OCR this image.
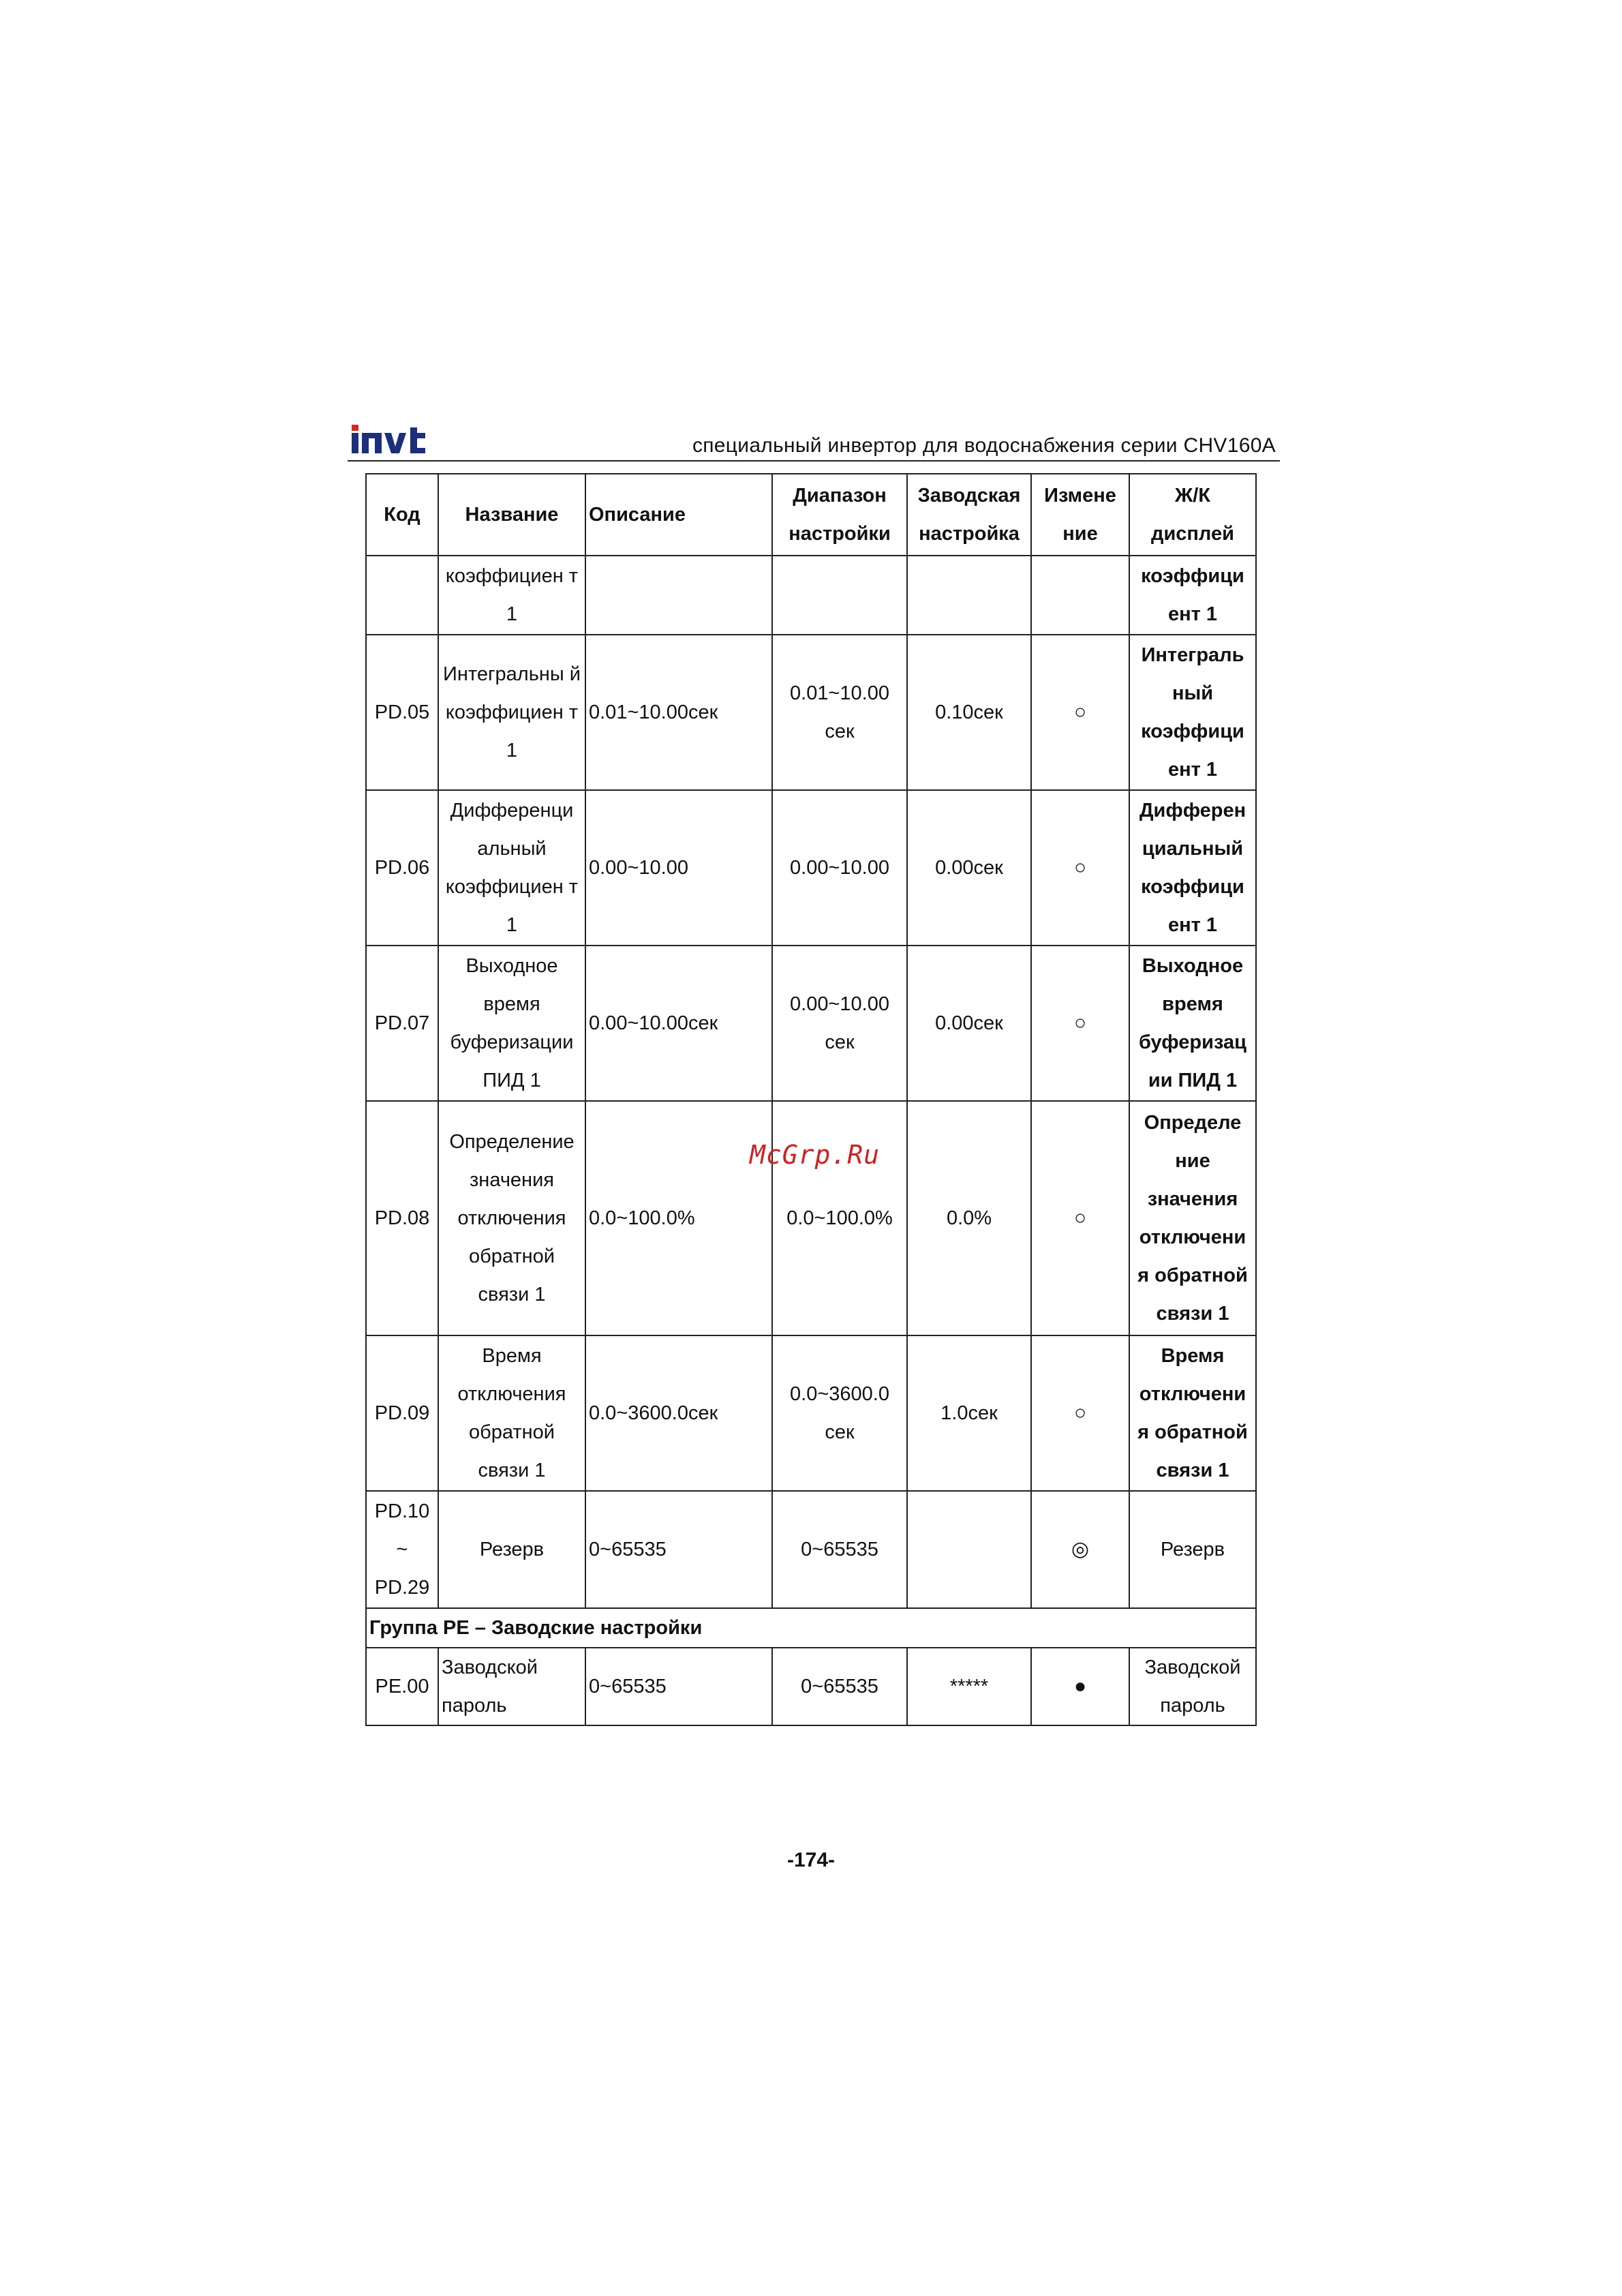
специальный инвертор для водоснабжения серии CHV160A
Код	Название	Описание	Диапазон настройки	Заводская настройка	Измене ние	Ж/К дисплей
	коэффициен т 1					коэффици ент 1
PD.05	Интегральны й коэффициен т 1	0.01~10.00сек	0.01~10.00 сек	0.10сек	○	Интеграль ный коэффици ент 1
PD.06	Дифференци альный коэффициен т 1	0.00~10.00	0.00~10.00	0.00сек	○	Дифферен циальный коэффици ент 1
PD.07	Выходное время буферизации ПИД 1	0.00~10.00сек	0.00~10.00 сек	0.00сек	○	Выходное время буферизац ии ПИД 1
PD.08	Определение значения отключения обратной связи 1	0.0~100.0%	0.0~100.0%	0.0%	○	Определе ние значения отключени я обратной связи 1
PD.09	Время отключения обратной связи 1	0.0~3600.0сек	0.0~3600.0 сек	1.0сек	○	Время отключени я обратной связи 1
PD.10 ~ PD.29	Резерв	0~65535	0~65535		◎	Резерв
Группа PE – Заводские настройки						
PE.00	Заводской пароль	0~65535	0~65535	*****	●	Заводской пароль
McGrp.Ru
-174-
